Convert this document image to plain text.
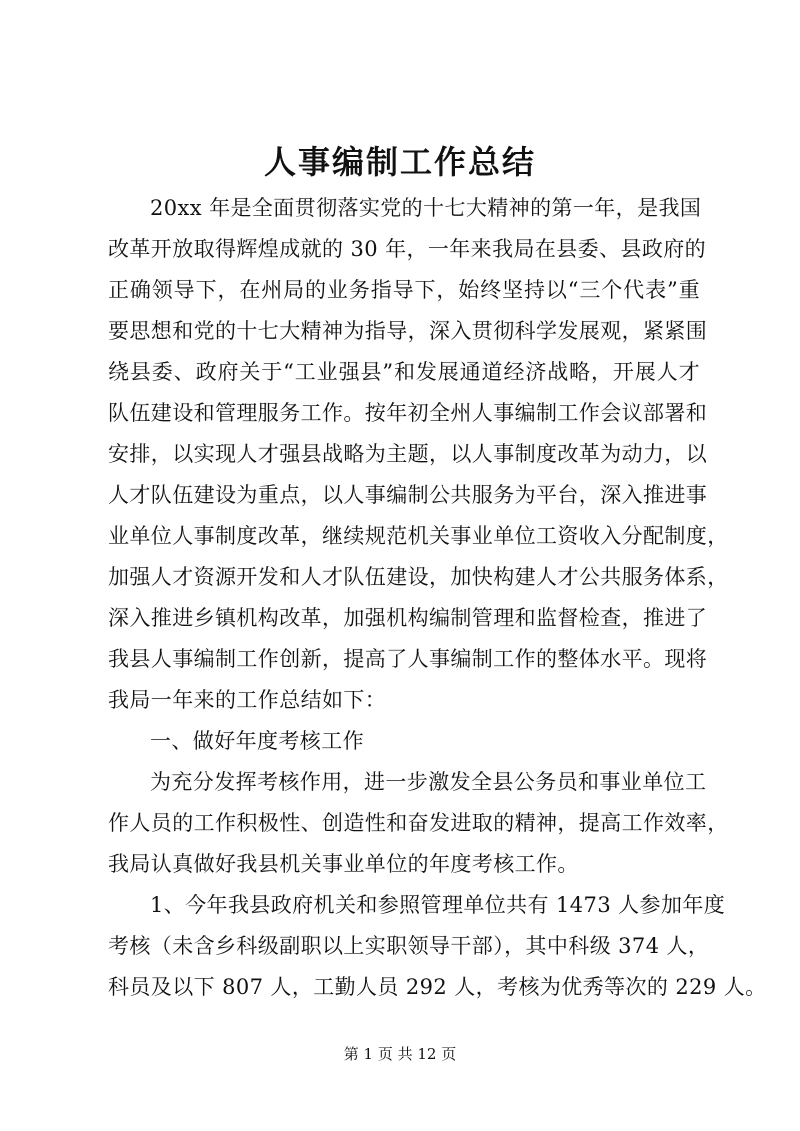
人事编制工作总结
20xx 年是全面贯彻落实党的十七大精神的第一年，是我国
改革开放取得辉煌成就的 30 年，一年来我局在县委、县政府的
正确领导下，在州局的业务指导下，始终坚持以“三个代表”重
要思想和党的十七大精神为指导，深入贯彻科学发展观，紧紧围
绕县委、政府关于“工业强县”和发展通道经济战略，开展人才
队伍建设和管理服务工作。按年初全州人事编制工作会议部署和
安排，以实现人才强县战略为主题，以人事制度改革为动力，以
人才队伍建设为重点，以人事编制公共服务为平台，深入推进事
业单位人事制度改革，继续规范机关事业单位工资收入分配制度，
加强人才资源开发和人才队伍建设，加快构建人才公共服务体系，
深入推进乡镇机构改革，加强机构编制管理和监督检查，推进了
我县人事编制工作创新，提高了人事编制工作的整体水平。现将
我局一年来的工作总结如下：
一、做好年度考核工作
为充分发挥考核作用，进一步激发全县公务员和事业单位工
作人员的工作积极性、创造性和奋发进取的精神，提高工作效率，
我局认真做好我县机关事业单位的年度考核工作。
1、今年我县政府机关和参照管理单位共有 1473 人参加年度
考核（未含乡科级副职以上实职领导干部），其中科级 374 人，
科员及以下 807 人，工勤人员 292 人，考核为优秀等次的 229 人。
第 1 页 共 12 页
